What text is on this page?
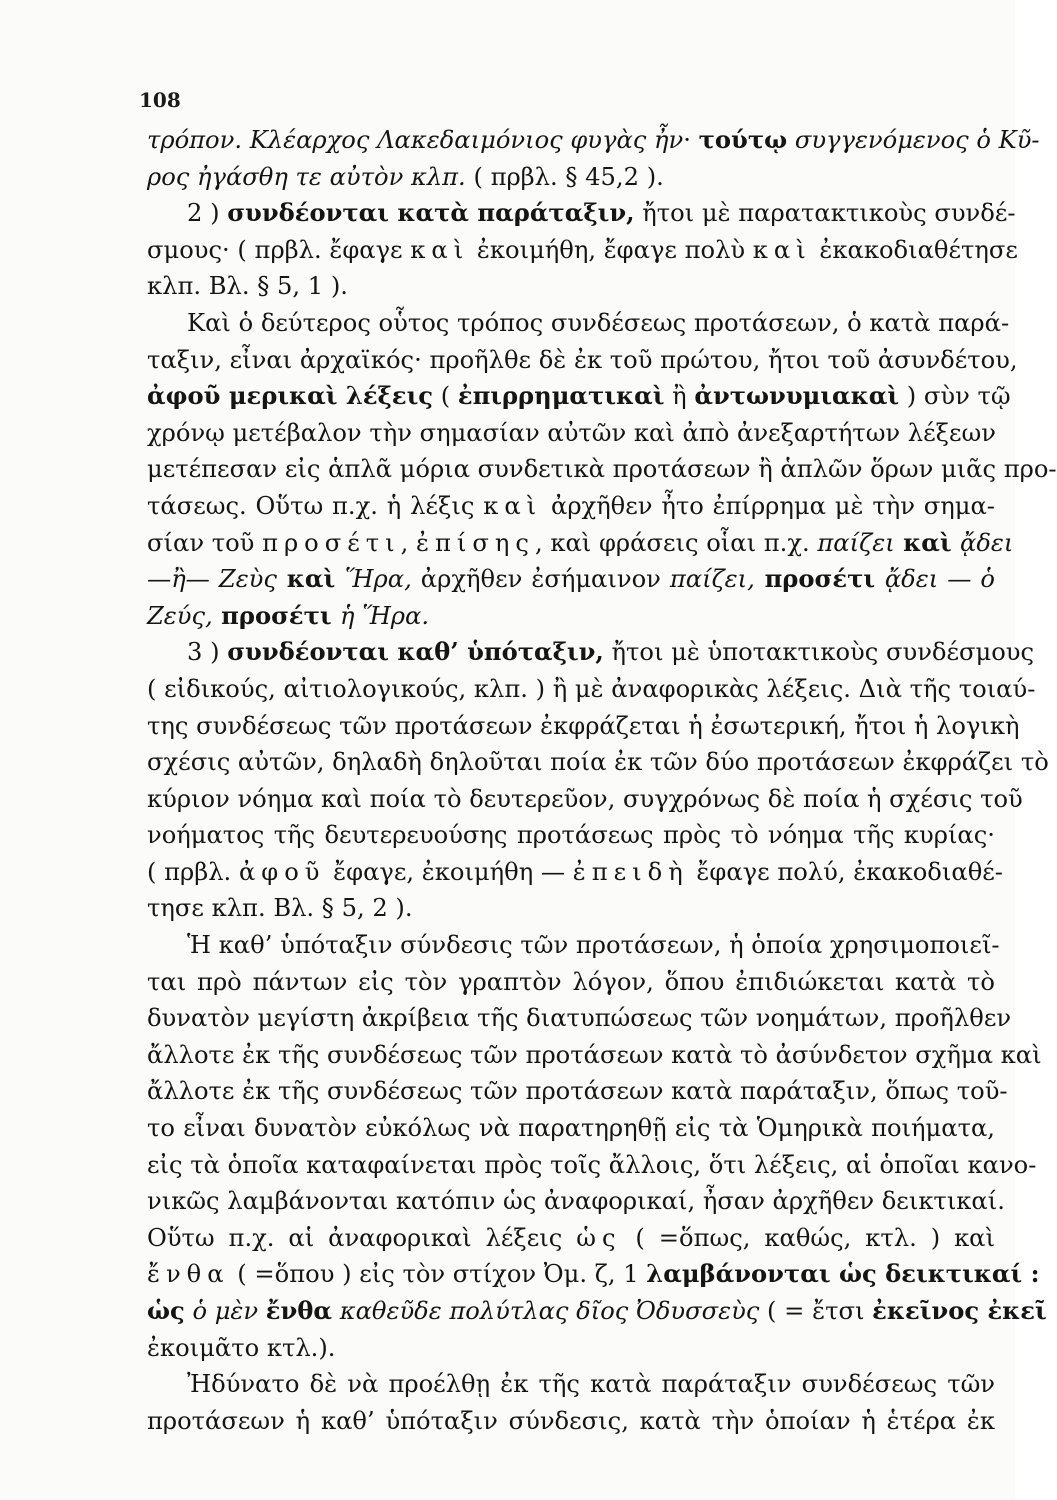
108
τρόπον. Κλέαρχος Λακεδαιμόνιος φυγὰς ἦν· τούτῳ συγγενόμενος ὁ Κῦ-
ρος ἠγάσθη τε αὐτὸν κλπ. ( πρβλ. § 45,2 ).
2 ) συνδέονται κατὰ παράταξιν, ἤτοι μὲ παρατακτικοὺς συνδέ-
σμους· ( πρβλ. ἔφαγε καὶ ἐκοιμήθη, ἔφαγε πολὺ καὶ ἐκακοδιαθέτησε
κλπ. Βλ. § 5, 1 ).
Καὶ ὁ δεύτερος οὗτος τρόπος συνδέσεως προτάσεων, ὁ κατὰ παρά-
ταξιν, εἶναι ἀρχαϊκός· προῆλθε δὲ ἐκ τοῦ πρώτου, ἤτοι τοῦ ἀσυνδέτου,
ἀφοῦ μερικαὶ λέξεις ( ἐπιρρηματικαὶ ἢ ἀντωνυμιακαὶ ) σὺν τῷ
χρόνῳ μετέβαλον τὴν σημασίαν αὐτῶν καὶ ἀπὸ ἀνεξαρτήτων λέξεων
μετέπεσαν εἰς ἁπλᾶ μόρια συνδετικὰ προτάσεων ἢ ἁπλῶν ὅρων μιᾶς προ-
τάσεως. Οὕτω π.χ. ἡ λέξις καὶ ἀρχῆθεν ἦτο ἐπίρρημα μὲ τὴν σημα-
σίαν τοῦ προσέτι, ἐπίσης, καὶ φράσεις οἷαι π.χ. παίζει καὶ ᾄδει
—ἢ— Ζεὺς καὶ Ἥρα, ἀρχῆθεν ἐσήμαινον παίζει, προσέτι ᾄδει — ὁ
Ζεύς, προσέτι ἡ Ἥρα.
3 ) συνδέονται καθ’ ὑπόταξιν, ἤτοι μὲ ὑποτακτικοὺς συνδέσμους
( εἰδικούς, αἰτιολογικούς, κλπ. ) ἢ μὲ ἀναφορικὰς λέξεις. Διὰ τῆς τοιαύ-
της συνδέσεως τῶν προτάσεων ἐκφράζεται ἡ ἐσωτερική, ἤτοι ἡ λογικὴ
σχέσις αὐτῶν, δηλαδὴ δηλοῦται ποία ἐκ τῶν δύο προτάσεων ἐκφράζει τὸ
κύριον νόημα καὶ ποία τὸ δευτερεῦον, συγχρόνως δὲ ποία ἡ σχέσις τοῦ
νοήματος τῆς δευτερευούσης προτάσεως πρὸς τὸ νόημα τῆς κυρίας·
( πρβλ. ἀφοῦ ἔφαγε, ἐκοιμήθη — ἐπειδὴ ἔφαγε πολύ, ἐκακοδιαθέ-
τησε κλπ. Βλ. § 5, 2 ).
Ἡ καθ’ ὑπόταξιν σύνδεσις τῶν προτάσεων, ἡ ὁποία χρησιμοποιεῖ-
ται πρὸ πάντων εἰς τὸν γραπτὸν λόγον, ὅπου ἐπιδιώκεται κατὰ τὸ
δυνατὸν μεγίστη ἀκρίβεια τῆς διατυπώσεως τῶν νοημάτων, προῆλθεν
ἄλλοτε ἐκ τῆς συνδέσεως τῶν προτάσεων κατὰ τὸ ἀσύνδετον σχῆμα καὶ
ἄλλοτε ἐκ τῆς συνδέσεως τῶν προτάσεων κατὰ παράταξιν, ὅπως τοῦ-
το εἶναι δυνατὸν εὐκόλως νὰ παρατηρηθῇ εἰς τὰ Ὁμηρικὰ ποιήματα,
εἰς τὰ ὁποῖα καταφαίνεται πρὸς τοῖς ἄλλοις, ὅτι λέξεις, αἱ ὁποῖαι κανο-
νικῶς λαμβάνονται κατόπιν ὡς ἀναφορικαί, ἦσαν ἀρχῆθεν δεικτικαί.
Οὕτω π.χ. αἱ ἀναφορικαὶ λέξεις ὡς ( =ὅπως, καθώς, κτλ. ) καὶ
ἔνθα ( =ὅπου ) εἰς τὸν στίχον Ὀμ. ζ, 1 λαμβάνονται ὡς δεικτικαί :
ὡς ὁ μὲν ἔνθα καθεῦδε πολύτλας δῖος Ὀδυσσεὺς ( = ἔτσι ἐκεῖνος ἐκεῖ
ἐκοιμᾶτο κτλ.).
Ἠδύνατο δὲ νὰ προέλθῃ ἐκ τῆς κατὰ παράταξιν συνδέσεως τῶν
προτάσεων ἡ καθ’ ὑπόταξιν σύνδεσις, κατὰ τὴν ὁποίαν ἡ ἑτέρα ἐκ
